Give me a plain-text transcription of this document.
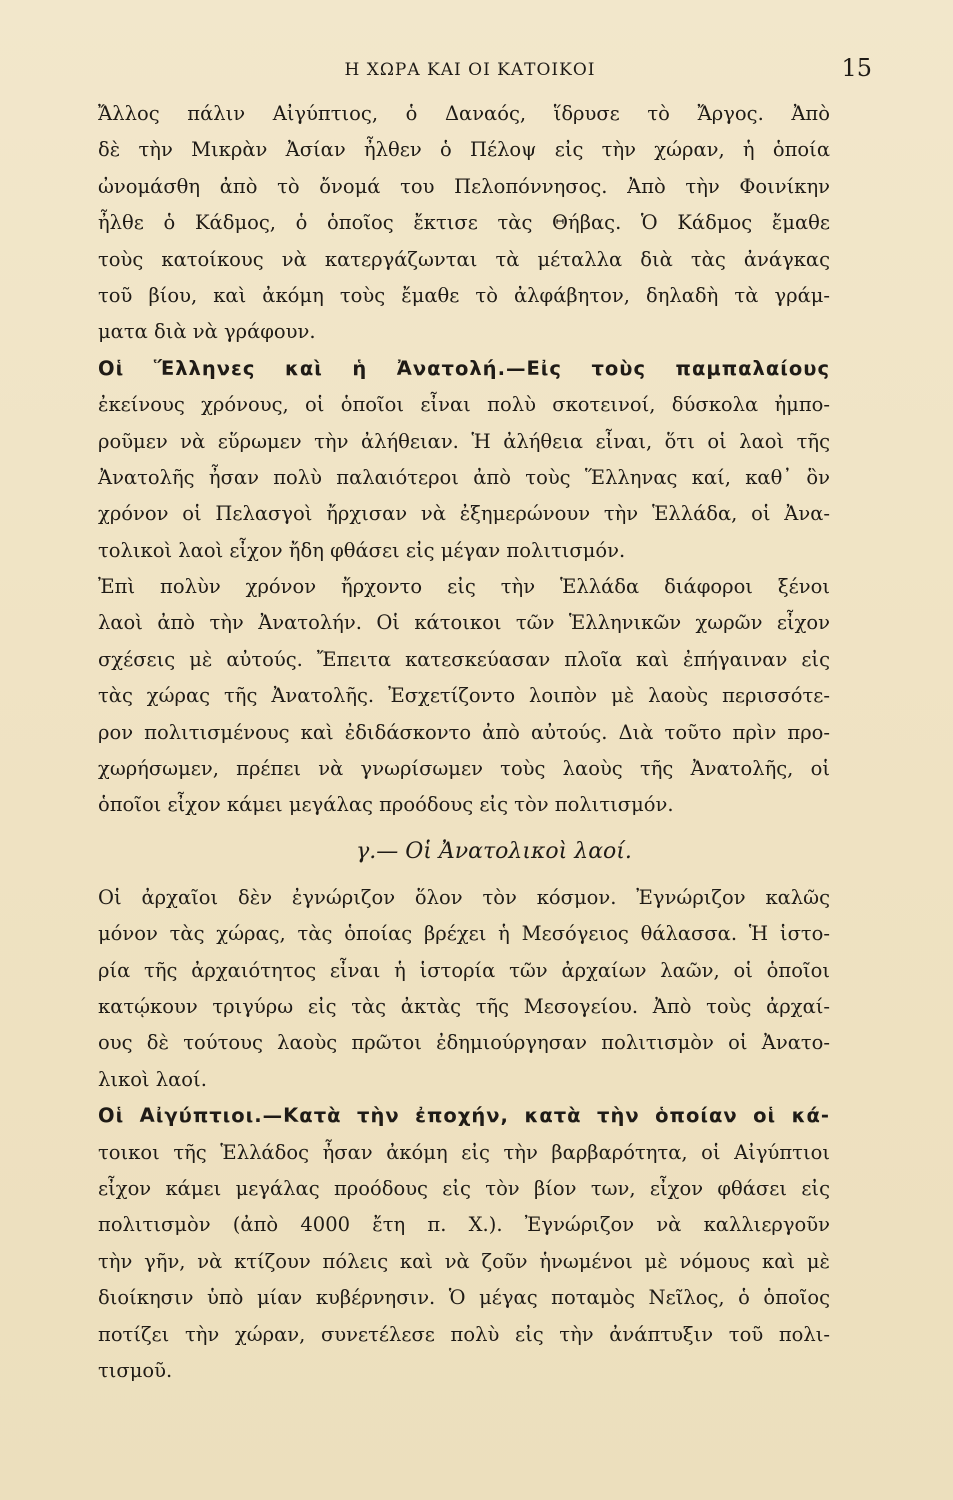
Η ΧΩΡΑ ΚΑΙ ΟΙ ΚΑΤΟΙΚΟΙ	15
Ἄλλος πάλιν Αἰγύπτιος, ὁ Δαναός, ἵδρυσε τὸ Ἄργος. Ἀπὸ
δὲ τὴν Μικρὰν Ἀσίαν ἦλθεν ὁ Πέλοψ εἰς τὴν χώραν, ἡ ὁποία
ὠνομάσθη ἀπὸ τὸ ὄνομά του Πελοπόννησος. Ἀπὸ τὴν Φοινίκην
ἦλθε ὁ Κάδμος, ὁ ὁποῖος ἔκτισε τὰς Θήβας. Ὁ Κάδμος ἔμαθε
τοὺς κατοίκους νὰ κατεργάζωνται τὰ μέταλλα διὰ τὰς ἀνάγκας
τοῦ βίου, καὶ ἀκόμη τοὺς ἔμαθε τὸ ἀλφάβητον, δηλαδὴ τὰ γράμ-
ματα διὰ νὰ γράφουν.
Οἱ Ἕλληνες καὶ ἡ Ἀνατολή.—Εἰς τοὺς παμπαλαίους
ἐκείνους χρόνους, οἱ ὁποῖοι εἶναι πολὺ σκοτεινοί, δύσκολα ἠμπο-
ροῦμεν νὰ εὕρωμεν τὴν ἀλήθειαν. Ἡ ἀλήθεια εἶναι, ὅτι οἱ λαοὶ τῆς
Ἀνατολῆς ἦσαν πολὺ παλαιότεροι ἀπὸ τοὺς Ἕλληνας καί, καθ᾽ ὃν
χρόνον οἱ Πελασγοὶ ἤρχισαν νὰ ἐξημερώνουν τὴν Ἑλλάδα, οἱ Ἀνα-
τολικοὶ λαοὶ εἶχον ἤδη φθάσει εἰς μέγαν πολιτισμόν.
Ἐπὶ πολὺν χρόνον ἤρχοντο εἰς τὴν Ἑλλάδα διάφοροι ξένοι
λαοὶ ἀπὸ τὴν Ἀνατολήν. Οἱ κάτοικοι τῶν Ἑλληνικῶν χωρῶν εἶχον
σχέσεις μὲ αὐτούς. Ἔπειτα κατεσκεύασαν πλοῖα καὶ ἐπήγαιναν εἰς
τὰς χώρας τῆς Ἀνατολῆς. Ἐσχετίζοντο λοιπὸν μὲ λαοὺς περισσότε-
ρον πολιτισμένους καὶ ἐδιδάσκοντο ἀπὸ αὐτούς. Διὰ τοῦτο πρὶν προ-
χωρήσωμεν, πρέπει νὰ γνωρίσωμεν τοὺς λαοὺς τῆς Ἀνατολῆς, οἱ
ὁποῖοι εἶχον κάμει μεγάλας προόδους εἰς τὸν πολιτισμόν.
γ.— Οἱ Ἀνατολικοὶ λαοί.
Οἱ ἀρχαῖοι δὲν ἐγνώριζον ὅλον τὸν κόσμον. Ἐγνώριζον καλῶς
μόνον τὰς χώρας, τὰς ὁποίας βρέχει ἡ Μεσόγειος θάλασσα. Ἡ ἱστο-
ρία τῆς ἀρχαιότητος εἶναι ἡ ἱστορία τῶν ἀρχαίων λαῶν, οἱ ὁποῖοι
κατῴκουν τριγύρω εἰς τὰς ἀκτὰς τῆς Μεσογείου. Ἀπὸ τοὺς ἀρχαί-
ους δὲ τούτους λαοὺς πρῶτοι ἐδημιούργησαν πολιτισμὸν οἱ Ἀνατο-
λικοὶ λαοί.
Οἱ Αἰγύπτιοι.—Κατὰ τὴν ἐποχήν, κατὰ τὴν ὁποίαν οἱ κά-
τοικοι τῆς Ἑλλάδος ἦσαν ἀκόμη εἰς τὴν βαρβαρότητα, οἱ Αἰγύπτιοι
εἶχον κάμει μεγάλας προόδους εἰς τὸν βίον των, εἶχον φθάσει εἰς
πολιτισμὸν (ἀπὸ 4000 ἔτη π. Χ.). Ἐγνώριζον νὰ καλλιεργοῦν
τὴν γῆν, νὰ κτίζουν πόλεις καὶ νὰ ζοῦν ἡνωμένοι μὲ νόμους καὶ μὲ
διοίκησιν ὑπὸ μίαν κυβέρνησιν. Ὁ μέγας ποταμὸς Νεῖλος, ὁ ὁποῖος
ποτίζει τὴν χώραν, συνετέλεσε πολὺ εἰς τὴν ἀνάπτυξιν τοῦ πολι-
τισμοῦ.
